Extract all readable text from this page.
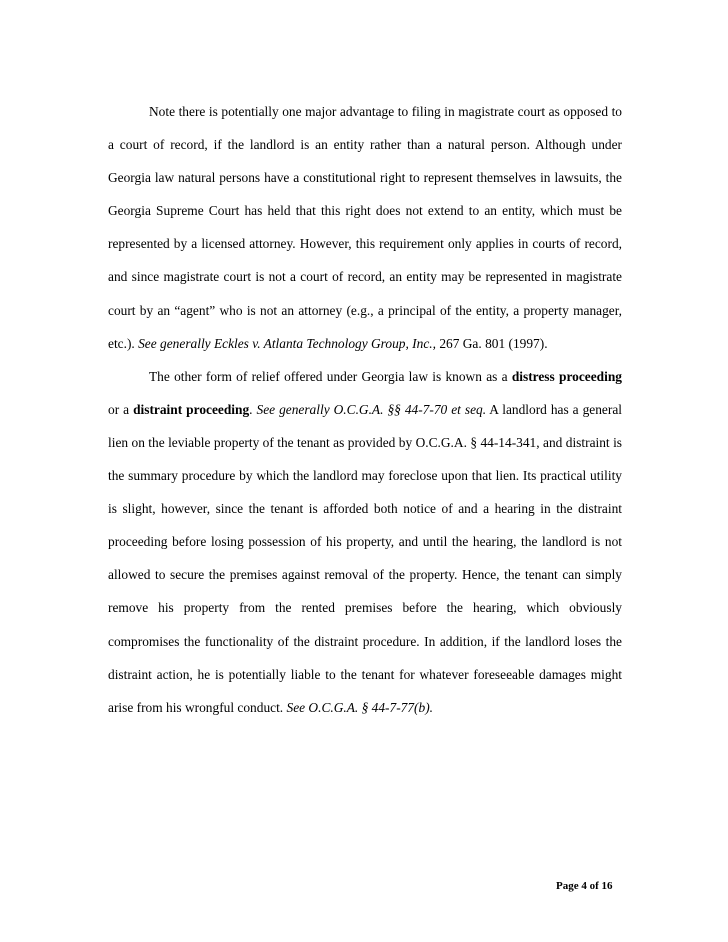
Note there is potentially one major advantage to filing in magistrate court as opposed to a court of record, if the landlord is an entity rather than a natural person. Although under Georgia law natural persons have a constitutional right to represent themselves in lawsuits, the Georgia Supreme Court has held that this right does not extend to an entity, which must be represented by a licensed attorney. However, this requirement only applies in courts of record, and since magistrate court is not a court of record, an entity may be represented in magistrate court by an “agent” who is not an attorney (e.g., a principal of the entity, a property manager, etc.). See generally Eckles v. Atlanta Technology Group, Inc., 267 Ga. 801 (1997).

The other form of relief offered under Georgia law is known as a distress proceeding or a distraint proceeding. See generally O.C.G.A. §§ 44-7-70 et seq. A landlord has a general lien on the leviable property of the tenant as provided by O.C.G.A. § 44-14-341, and distraint is the summary procedure by which the landlord may foreclose upon that lien. Its practical utility is slight, however, since the tenant is afforded both notice of and a hearing in the distraint proceeding before losing possession of his property, and until the hearing, the landlord is not allowed to secure the premises against removal of the property. Hence, the tenant can simply remove his property from the rented premises before the hearing, which obviously compromises the functionality of the distraint procedure. In addition, if the landlord loses the distraint action, he is potentially liable to the tenant for whatever foreseeable damages might arise from his wrongful conduct. See O.C.G.A. § 44-7-77(b).

Page 4 of 16
